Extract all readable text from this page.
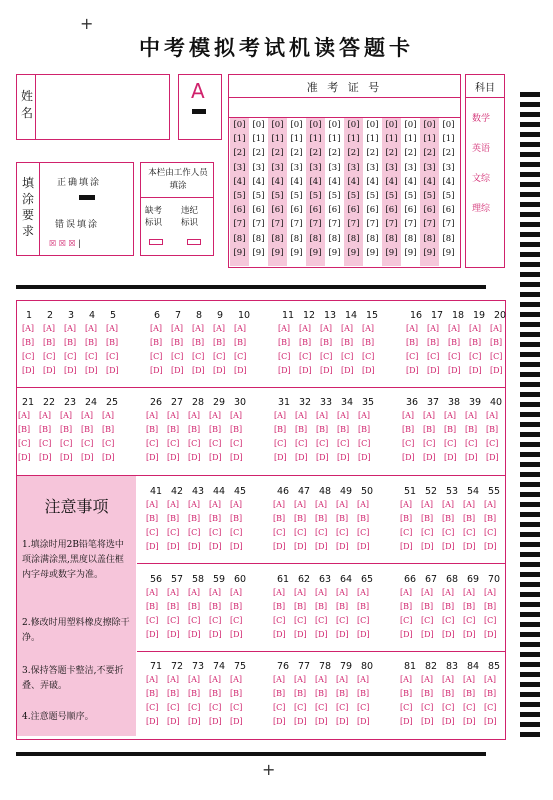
+
+
中考模拟考试机读答题卡
姓名
A	准 考 证 号
[0]
[1]
[2]
[3]
[4]
[5]
[6]
[7]
[8]
[9]
[0]
[1]
[2]
[3]
[4]
[5]
[6]
[7]
[8]
[9]
[0]
[1]
[2]
[3]
[4]
[5]
[6]
[7]
[8]
[9]
[0]
[1]
[2]
[3]
[4]
[5]
[6]
[7]
[8]
[9]
[0]
[1]
[2]
[3]
[4]
[5]
[6]
[7]
[8]
[9]
[0]
[1]
[2]
[3]
[4]
[5]
[6]
[7]
[8]
[9]
[0]
[1]
[2]
[3]
[4]
[5]
[6]
[7]
[8]
[9]
[0]
[1]
[2]
[3]
[4]
[5]
[6]
[7]
[8]
[9]
[0]
[1]
[2]
[3]
[4]
[5]
[6]
[7]
[8]
[9]
[0]
[1]
[2]
[3]
[4]
[5]
[6]
[7]
[8]
[9]
[0]
[1]
[2]
[3]
[4]
[5]
[6]
[7]
[8]
[9]
[0]
[1]
[2]
[3]
[4]
[5]
[6]
[7]
[8]
[9]
科目
数学
英语
文综
理综
填涂要求
正确填涂
错误填涂
☒ ☒ ☒ |
本栏由工作人员填涂
缺考标识
违纪标识
注意事项

1.填涂时用2B铅笔将选中项涂满涂黑,黑度以盖住框内字母或数字为准。

2.修改时用塑料橡皮擦除干净。

3.保持答题卡整洁,不要折叠、弄破。

4.注意题号顺序。

1
[A]
[B]
[C]
[D]
2
[A]
[B]
[C]
[D]
3
[A]
[B]
[C]
[D]
4
[A]
[B]
[C]
[D]
5
[A]
[B]
[C]
[D]
6
[A]
[B]
[C]
[D]
7
[A]
[B]
[C]
[D]
8
[A]
[B]
[C]
[D]
9
[A]
[B]
[C]
[D]
10
[A]
[B]
[C]
[D]
11
[A]
[B]
[C]
[D]
12
[A]
[B]
[C]
[D]
13
[A]
[B]
[C]
[D]
14
[A]
[B]
[C]
[D]
15
[A]
[B]
[C]
[D]
16
[A]
[B]
[C]
[D]
17
[A]
[B]
[C]
[D]
18
[A]
[B]
[C]
[D]
19
[A]
[B]
[C]
[D]
20
[A]
[B]
[C]
[D]
21
[A]
[B]
[C]
[D]
22
[A]
[B]
[C]
[D]
23
[A]
[B]
[C]
[D]
24
[A]
[B]
[C]
[D]
25
[A]
[B]
[C]
[D]
26
[A]
[B]
[C]
[D]
27
[A]
[B]
[C]
[D]
28
[A]
[B]
[C]
[D]
29
[A]
[B]
[C]
[D]
30
[A]
[B]
[C]
[D]
31
[A]
[B]
[C]
[D]
32
[A]
[B]
[C]
[D]
33
[A]
[B]
[C]
[D]
34
[A]
[B]
[C]
[D]
35
[A]
[B]
[C]
[D]
36
[A]
[B]
[C]
[D]
37
[A]
[B]
[C]
[D]
38
[A]
[B]
[C]
[D]
39
[A]
[B]
[C]
[D]
40
[A]
[B]
[C]
[D]
41
[A]
[B]
[C]
[D]
42
[A]
[B]
[C]
[D]
43
[A]
[B]
[C]
[D]
44
[A]
[B]
[C]
[D]
45
[A]
[B]
[C]
[D]
46
[A]
[B]
[C]
[D]
47
[A]
[B]
[C]
[D]
48
[A]
[B]
[C]
[D]
49
[A]
[B]
[C]
[D]
50
[A]
[B]
[C]
[D]
51
[A]
[B]
[C]
[D]
52
[A]
[B]
[C]
[D]
53
[A]
[B]
[C]
[D]
54
[A]
[B]
[C]
[D]
55
[A]
[B]
[C]
[D]
56
[A]
[B]
[C]
[D]
57
[A]
[B]
[C]
[D]
58
[A]
[B]
[C]
[D]
59
[A]
[B]
[C]
[D]
60
[A]
[B]
[C]
[D]
61
[A]
[B]
[C]
[D]
62
[A]
[B]
[C]
[D]
63
[A]
[B]
[C]
[D]
64
[A]
[B]
[C]
[D]
65
[A]
[B]
[C]
[D]
66
[A]
[B]
[C]
[D]
67
[A]
[B]
[C]
[D]
68
[A]
[B]
[C]
[D]
69
[A]
[B]
[C]
[D]
70
[A]
[B]
[C]
[D]
71
[A]
[B]
[C]
[D]
72
[A]
[B]
[C]
[D]
73
[A]
[B]
[C]
[D]
74
[A]
[B]
[C]
[D]
75
[A]
[B]
[C]
[D]
76
[A]
[B]
[C]
[D]
77
[A]
[B]
[C]
[D]
78
[A]
[B]
[C]
[D]
79
[A]
[B]
[C]
[D]
80
[A]
[B]
[C]
[D]
81
[A]
[B]
[C]
[D]
82
[A]
[B]
[C]
[D]
83
[A]
[B]
[C]
[D]
84
[A]
[B]
[C]
[D]
85
[A]
[B]
[C]
[D]
